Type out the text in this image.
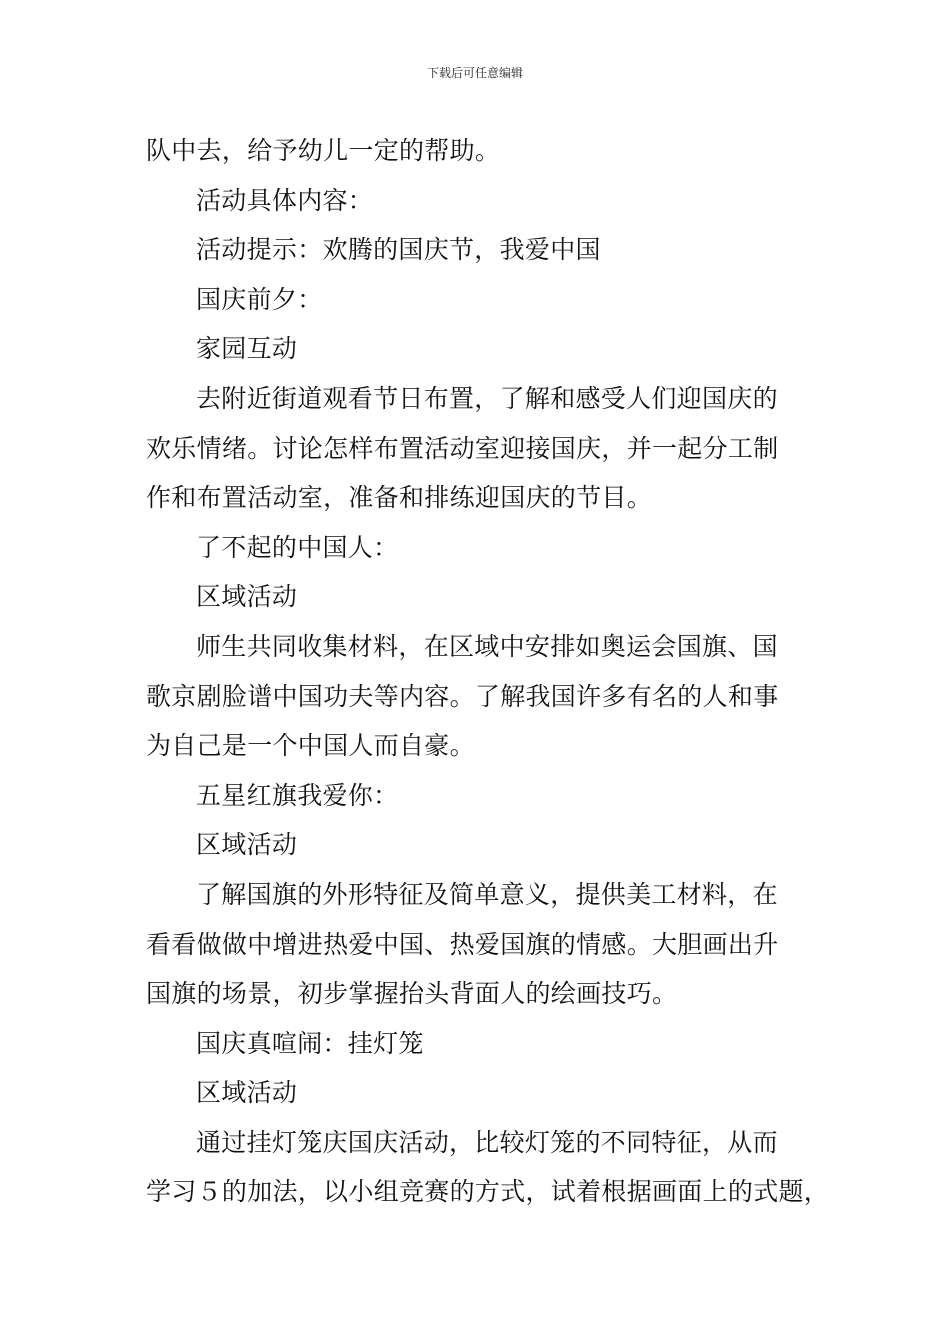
下载后可任意编辑
队中去，给予幼儿一定的帮助。
活动具体内容：
活动提示：欢腾的国庆节，我爱中国
国庆前夕：
家园互动
去附近街道观看节日布置，了解和感受人们迎国庆的
欢乐情绪。讨论怎样布置活动室迎接国庆，并一起分工制
作和布置活动室，准备和排练迎国庆的节目。
了不起的中国人：
区域活动
师生共同收集材料，在区域中安排如奥运会国旗、国
歌京剧脸谱中国功夫等内容。了解我国许多有名的人和事
为自己是一个中国人而自豪。
五星红旗我爱你：
区域活动
了解国旗的外形特征及简单意义，提供美工材料，在
看看做做中增进热爱中国、热爱国旗的情感。大胆画出升
国旗的场景，初步掌握抬头背面人的绘画技巧。
国庆真喧闹：挂灯笼
区域活动
通过挂灯笼庆国庆活动，比较灯笼的不同特征，从而
学习５的加法，以小组竞赛的方式，试着根据画面上的式题，
